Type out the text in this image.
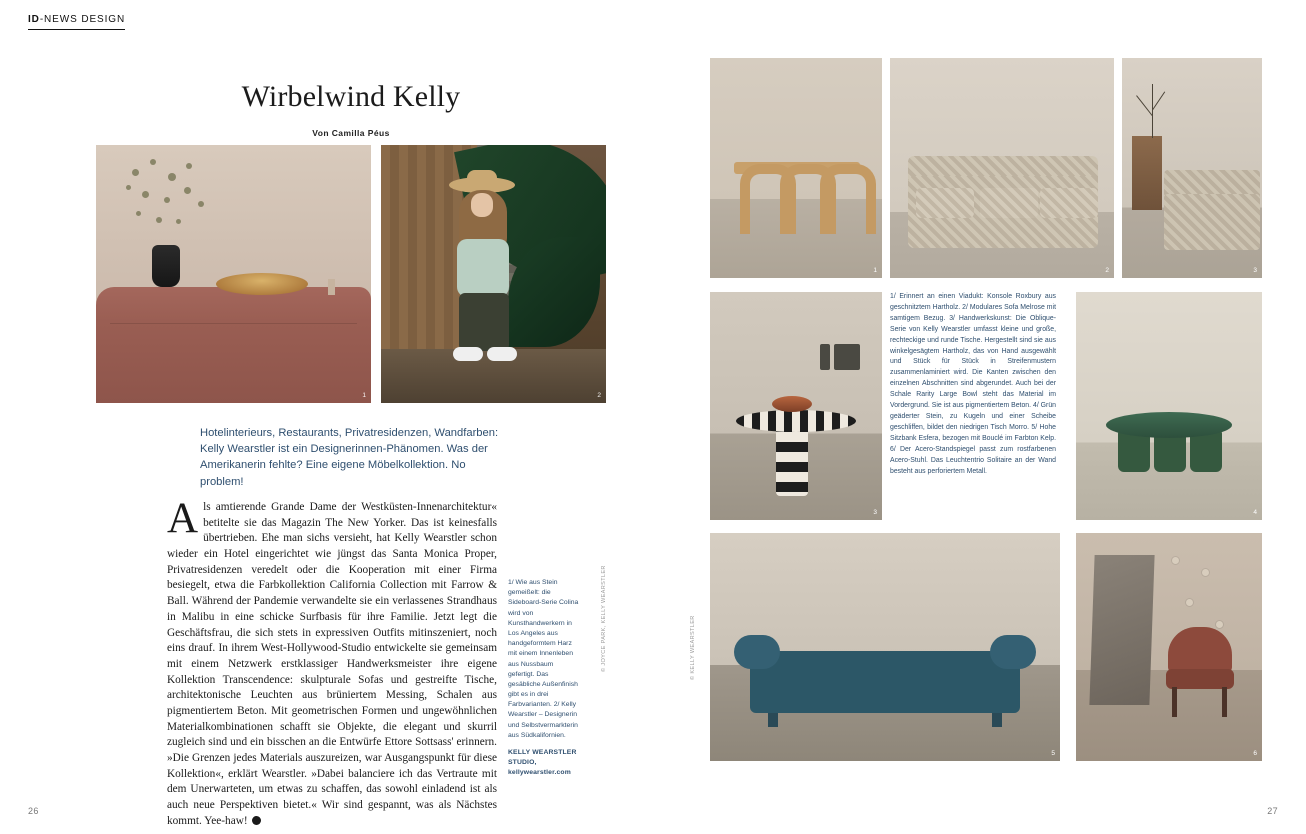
ID-NEWS DESIGN
26	27
Wirbelwind Kelly
Von Camilla Péus
1	2
Hotelinterieurs, Restaurants, Privatresidenzen, Wandfarben: Kelly Wearstler ist ein Designerinnen-Phänomen. Was der Amerikanerin fehlte? Eine eigene Möbelkollektion. No problem!

Als amtierende Grande Dame der Westküsten-Innenarchitektur« betitelte sie das Magazin The New Yorker. Das ist keinesfalls übertrieben. Ehe man sichs versieht, hat Kelly Wearstler schon wieder ein Hotel eingerichtet wie jüngst das Santa Monica Proper, Privatresidenzen veredelt oder die Kooperation mit einer Firma besiegelt, etwa die Farbkollektion California Collection mit Farrow & Ball. Während der Pandemie verwandelte sie ein verlassenes Strandhaus in Malibu in eine schicke Surfbasis für ihre Familie. Jetzt legt die Geschäftsfrau, die sich stets in expressiven Outfits mitinszeniert, noch eins drauf. In ihrem West-Hollywood-Studio entwickelte sie gemeinsam mit einem Netzwerk erstklassiger Handwerksmeister ihre eigene Kollektion Transcendence: skulpturale Sofas und gestreifte Tische, architektonische Leuchten aus brüniertem Messing, Schalen aus pigmentiertem Beton. Mit geometrischen Formen und ungewöhnlichen Materialkombinationen schafft sie Objekte, die elegant und skurril zugleich sind und ein bisschen an die Entwürfe Ettore Sottsass' erinnern. »Die Grenzen jedes Materials auszureizen, war Ausgangspunkt für diese Kollektion«, erklärt Wearstler. »Dabei balanciere ich das Vertraute mit dem Unerwarteten, um etwas zu schaffen, das sowohl einladend ist als auch neue Perspektiven bietet.« Wir sind gespannt, was als Nächstes kommt. Yee-haw!

1/ Wie aus Stein gemeißelt: die Sideboard-Serie Colina wird von Kunsthandwerkern in Los Angeles aus handgeformtem Harz mit einem Innenleben aus Nussbaum gefertigt. Das gesäbliche Außenfinish gibt es in drei Farbvarianten. 2/ Kelly Wearstler – Designerin und Selbstvermarkterin aus Südkalifornien.
KELLY WEARSTLER
STUDIO,
kellywearstler.com
© JOYCE PARK, KELLY WEARSTLER
1	2	3
1/ Erinnert an einen Viadukt: Konsole Roxbury aus geschnitztem Hartholz. 2/ Modulares Sofa Melrose mit samtigem Bezug. 3/ Handwerkskunst: Die Oblique-Serie von Kelly Wearstler umfasst kleine und große, rechteckige und runde Tische. Hergestellt sind sie aus winkelgesägtem Hartholz, das von Hand ausgewählt und Stück für Stück in Streifenmustern zusammenlaminiert wird. Die Kanten zwischen den einzelnen Abschnitten sind abgerundet. Auch bei der Schale Rarity Large Bowl steht das Material im Vordergrund. Sie ist aus pigmentiertem Beton. 4/ Grün geäderter Stein, zu Kugeln und einer Scheibe geschliffen, bildet den niedrigen Tisch Morro. 5/ Hohe Sitzbank Esfera, bezogen mit Bouclé im Farbton Kelp. 6/ Der Acero-Standspiegel passt zum rostfarbenen Acero-Stuhl. Das Leuchtentrio Solitaire an der Wand besteht aus perforiertem Metall.
3	4
5	6
© KELLY WEARSTLER
